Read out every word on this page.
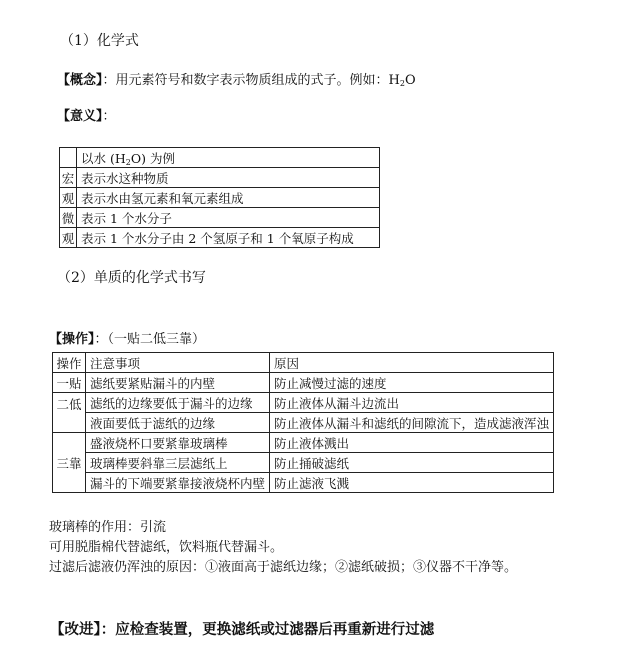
（1）化学式
【概念】：用元素符号和数字表示物质组成的式子。例如：$H_2O$
【意义】：
	以水 $(H_2O)$ 为例
宏	表示水这种物质
观	表示水由氢元素和氧元素组成
微	表示 1 个水分子
观	表示 1 个水分子由 2 个氢原子和 1 个氧原子构成
（2）单质的化学式书写
【操作】：（一贴二低三靠）
操作	注意事项	原因
一贴	滤纸要紧贴漏斗的内壁	防止减慢过滤的速度
二低	滤纸的边缘要低于漏斗的边缘	防止液体从漏斗边流出
	液面要低于滤纸的边缘	防止液体从漏斗和滤纸的间隙流下，造成滤液浑浊
三靠	盛液烧杯口要紧靠玻璃棒	防止液体溅出
	玻璃棒要斜靠三层滤纸上	防止捅破滤纸
	漏斗的下端要紧靠接液烧杯内壁	防止滤液飞溅
玻璃棒的作用：引流
可用脱脂棉代替滤纸，饮料瓶代替漏斗。
过滤后滤液仍浑浊的原因：①液面高于滤纸边缘；②滤纸破损；③仪器不干净等。
【改进】：应检查装置，更换滤纸或过滤器后再重新进行过滤
